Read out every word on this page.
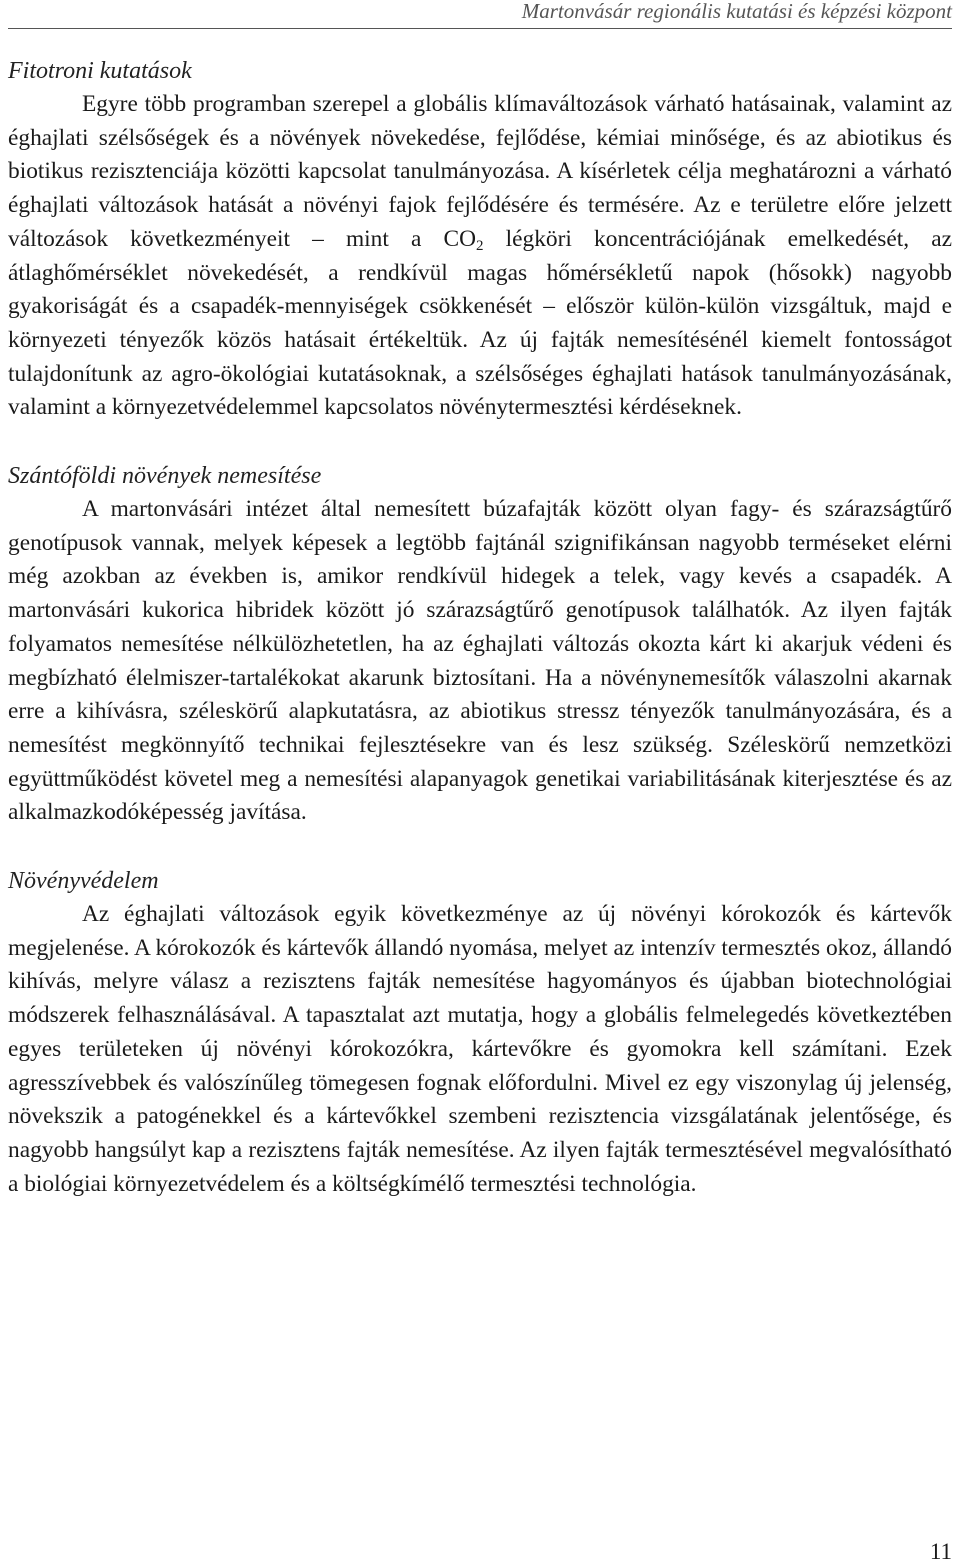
Martonvásár regionális kutatási és képzési központ
Fitotroni kutatások

Egyre több programban szerepel a globális klímaváltozások várható hatásainak, valamint az éghajlati szélsőségek és a növények növekedése, fejlődése, kémiai minősége, és az abiotikus és biotikus rezisztenciája közötti kapcsolat tanulmányozása. A kísérletek célja meghatározni a várható éghajlati változások hatását a növényi fajok fejlődésére és termésére. Az e területre előre jelzett változások következményeit – mint a $CO_2$ légköri koncentrációjának emelkedését, az átlaghőmérséklet növekedését, a rendkívül magas hőmérsékletű napok (hősokk) nagyobb gyakoriságát és a csapadék-mennyiségek csökkenését – először külön-külön vizsgáltuk, majd e környezeti tényezők közös hatásait értékeltük. Az új fajták nemesítésénél kiemelt fontosságot tulajdonítunk az agro-ökológiai kutatásoknak, a szélsőséges éghajlati hatások tanulmányozásának, valamint a környezetvédelemmel kapcsolatos növénytermesztési kérdéseknek.

Szántóföldi növények nemesítése

A martonvásári intézet által nemesített búzafajták között olyan fagy- és szárazságtűrő genotípusok vannak, melyek képesek a legtöbb fajtánál szignifikánsan nagyobb terméseket elérni még azokban az években is, amikor rendkívül hidegek a telek, vagy kevés a csapadék. A martonvásári kukorica hibridek között jó szárazságtűrő genotípusok találhatók. Az ilyen fajták folyamatos nemesítése nélkülözhetetlen, ha az éghajlati változás okozta kárt ki akarjuk védeni és megbízható élelmiszer-tartalékokat akarunk biztosítani. Ha a növénynemesítők válaszolni akarnak erre a kihívásra, széleskörű alapkutatásra, az abiotikus stressz tényezők tanulmányozására, és a nemesítést megkönnyítő technikai fejlesztésekre van és lesz szükség. Széleskörű nemzetközi együttműködést követel meg a nemesítési alapanyagok genetikai variabilitásának kiterjesztése és az alkalmazkodóképesség javítása.

Növényvédelem

Az éghajlati változások egyik következménye az új növényi kórokozók és kártevők megjelenése. A kórokozók és kártevők állandó nyomása, melyet az intenzív termesztés okoz, állandó kihívás, melyre válasz a rezisztens fajták nemesítése hagyományos és újabban biotechnológiai módszerek felhasználásával. A tapasztalat azt mutatja, hogy a globális felmelegedés következtében egyes területeken új növényi kórokozókra, kártevőkre és gyomokra kell számítani. Ezek agresszívebbek és valószínűleg tömegesen fognak előfordulni. Mivel ez egy viszonylag új jelenség, növekszik a patogénekkel és a kártevőkkel szembeni rezisztencia vizsgálatának jelentősége, és nagyobb hangsúlyt kap a rezisztens fajták nemesítése. Az ilyen fajták termesztésével megvalósítható a biológiai környezetvédelem és a költségkímélő termesztési technológia.

11
